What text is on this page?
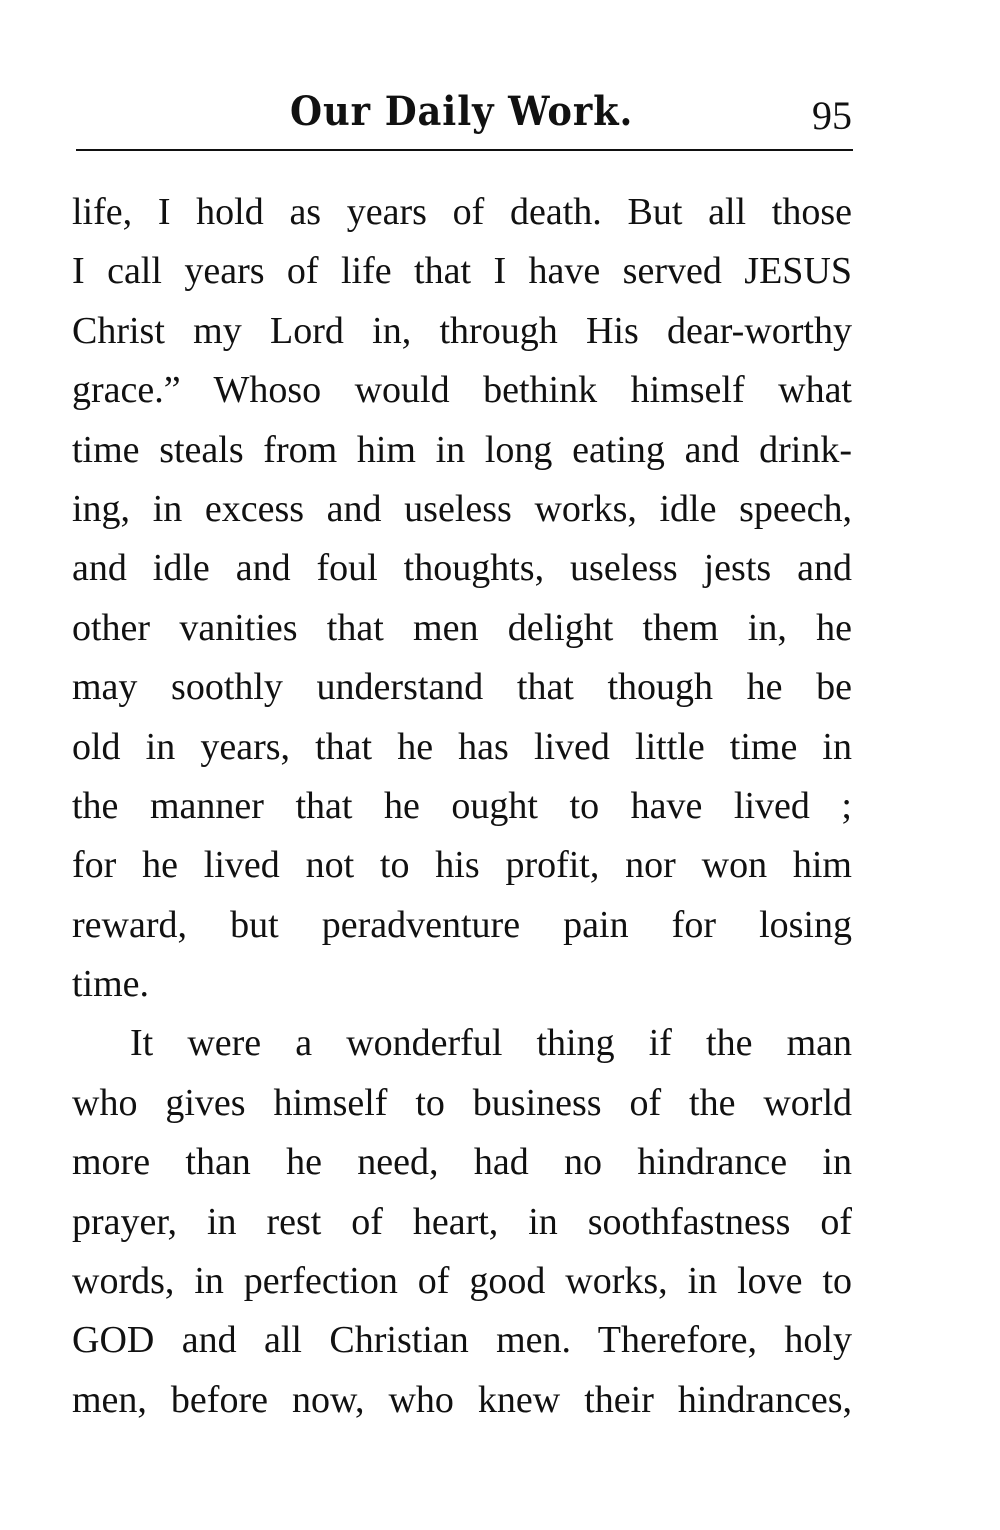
Our Daily Work.	95
life, I hold as years of death. But all those
I call years of life that I have served JESUS
Christ my Lord in, through His dear-worthy
grace.” Whoso would bethink himself what
time steals from him in long eating and drink-
ing, in excess and useless works, idle speech,
and idle and foul thoughts, useless jests and
other vanities that men delight them in, he
may soothly understand that though he be
old in years, that he has lived little time in
the manner that he ought to have lived ;
for he lived not to his profit, nor won him
reward, but peradventure pain for losing
time.
It were a wonderful thing if the man
who gives himself to business of the world
more than he need, had no hindrance in
prayer, in rest of heart, in soothfastness of
words, in perfection of good works, in love to
GOD and all Christian men. Therefore, holy
men, before now, who knew their hindrances,
